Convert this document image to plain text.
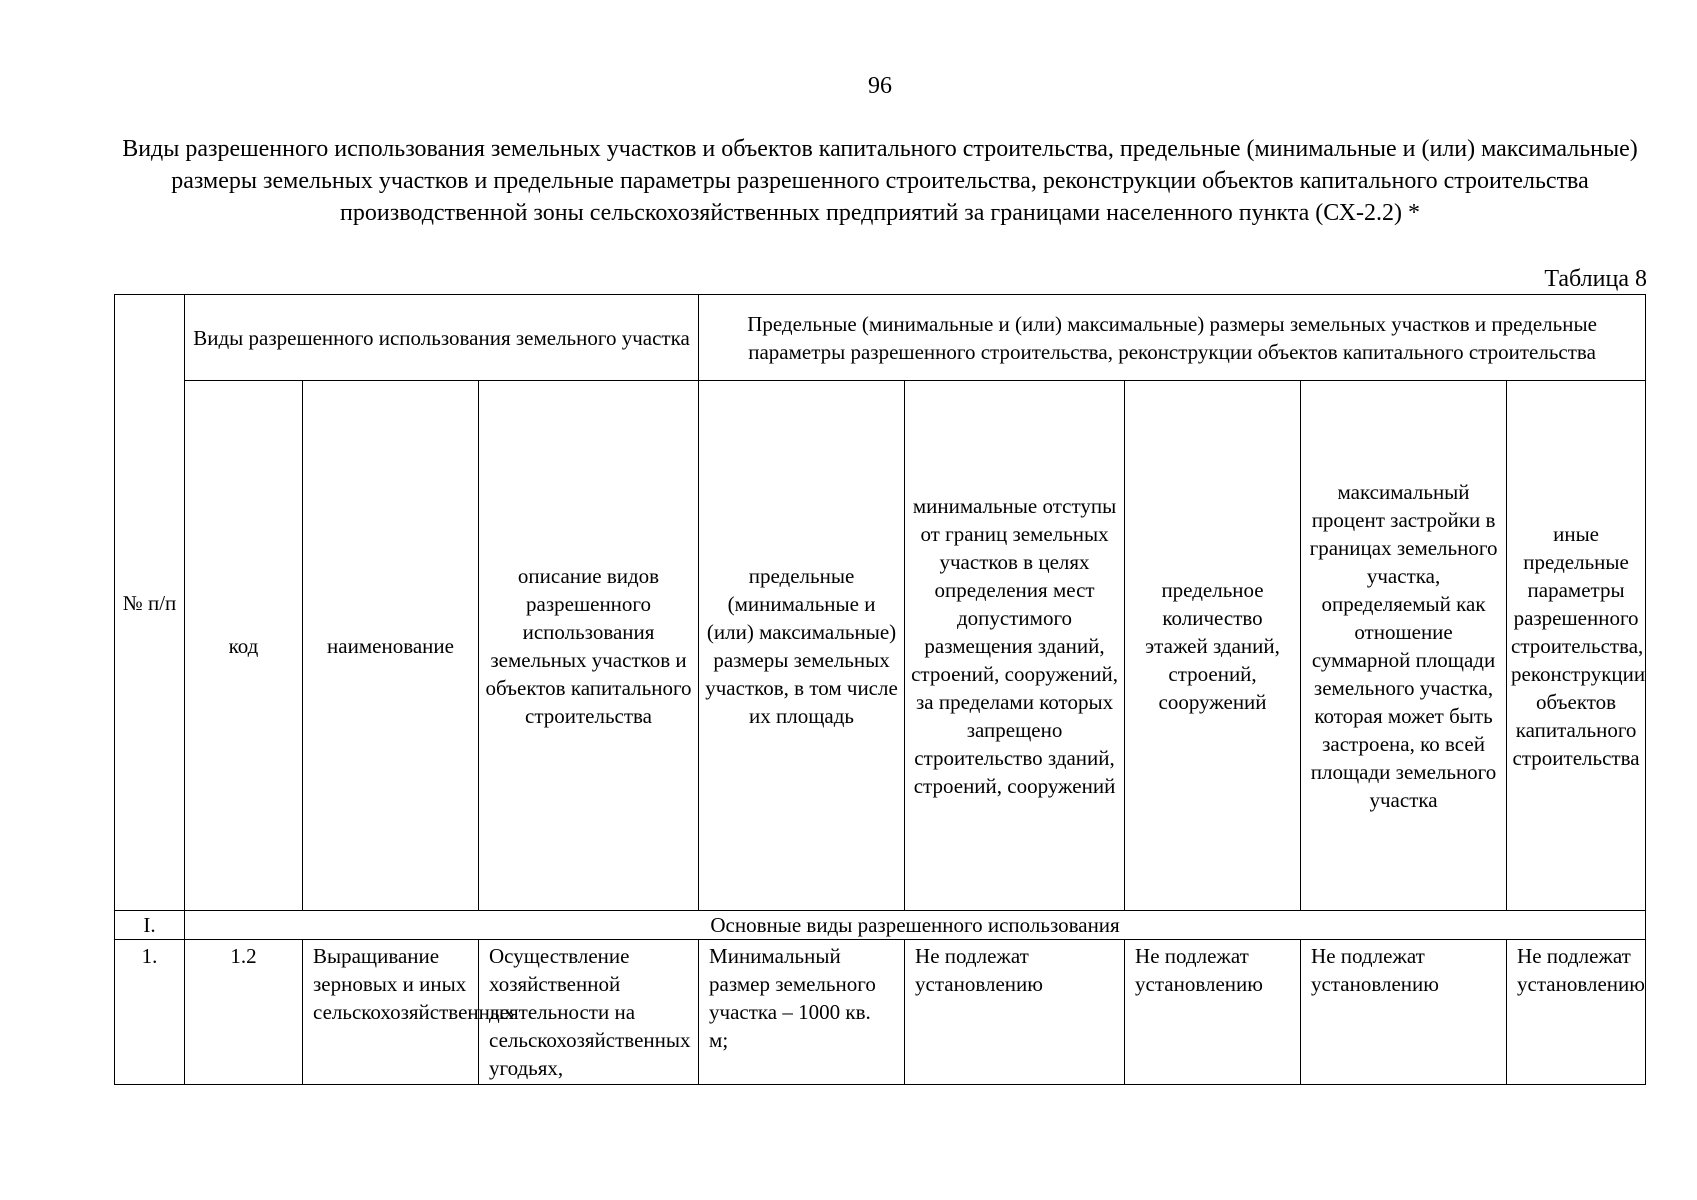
96
Виды разрешенного использования земельных участков и объектов капитального строительства, предельные (минимальные и (или) максимальные) размеры земельных участков и предельные параметры разрешенного строительства, реконструкции объектов капитального строительства производственной зоны сельскохозяйственных предприятий за границами населенного пункта (СХ-2.2) *
Таблица 8
№ п/п	Виды разрешенного использования земельного участка			Предельные (минимальные и (или) максимальные) размеры земельных участков и предельные параметры разрешенного строительства, реконструкции объектов капитального строительства				
	код	наименование	описание видов разрешенного использования земельных участков и объектов капитального строительства	предельные (минимальные и (или) максимальные) размеры земельных участков, в том числе их площадь	минимальные отступы от границ земельных участков в целях определения мест допустимого размещения зданий, строений, сооружений, за пределами которых запрещено строительство зданий, строений, сооружений	предельное количество этажей зданий, строений, сооружений	максимальный процент застройки в границах земельного участка, определяемый как отношение суммарной площади земельного участка, которая может быть застроена, ко всей площади земельного участка	иные предельные параметры разрешенного строительства, реконструкции объектов капитального строительства
I.	Основные виды разрешенного использования							
1.	1.2	Выращивание зерновых и иных сельскохозяйственных	Осуществление хозяйственной деятельности на сельскохозяйственных угодьях,	Минимальный размер земельного участка – 1000 кв. м;	Не подлежат установлению	Не подлежат установлению	Не подлежат установлению	Не подлежат установлению
